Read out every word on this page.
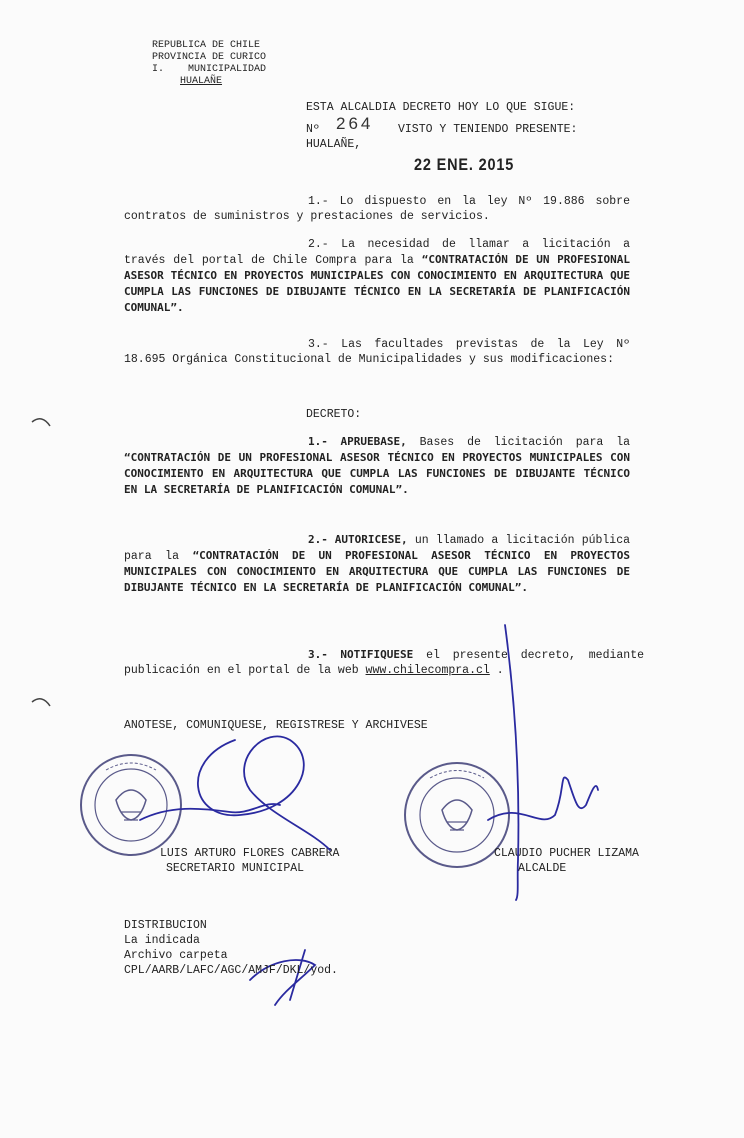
REPUBLICA DE CHILE
PROVINCIA DE CURICO
I.    MUNICIPALIDAD
HUALAÑE
ESTA ALCALDIA DECRETO HOY LO QUE SIGUE:
Nº 264 VISTO Y TENIENDO PRESENTE:
HUALAÑE,
22 ENE. 2015
1.- Lo dispuesto en la ley Nº 19.886 sobre contratos de suministros y prestaciones de servicios.
2.- La necesidad de llamar a licitación a través del portal de Chile Compra para la “CONTRATACIÓN DE UN PROFESIONAL ASESOR TÉCNICO EN PROYECTOS MUNICIPALES CON CONOCIMIENTO EN ARQUITECTURA QUE CUMPLA LAS FUNCIONES DE DIBUJANTE TÉCNICO EN LA SECRETARÍA DE PLANIFICACIÓN COMUNAL”.
3.- Las facultades previstas de la Ley Nº 18.695 Orgánica Constitucional de Municipalidades y sus modificaciones:
DECRETO:
1.- APRUEBASE, Bases de licitación para la “CONTRATACIÓN DE UN PROFESIONAL ASESOR TÉCNICO EN PROYECTOS MUNICIPALES CON CONOCIMIENTO EN ARQUITECTURA QUE CUMPLA LAS FUNCIONES DE DIBUJANTE TÉCNICO EN LA SECRETARÍA DE PLANIFICACIÓN COMUNAL”.
2.- AUTORICESE, un llamado a licitación pública para la “CONTRATACIÓN DE UN PROFESIONAL ASESOR TÉCNICO EN PROYECTOS MUNICIPALES CON CONOCIMIENTO EN ARQUITECTURA QUE CUMPLA LAS FUNCIONES DE DIBUJANTE TÉCNICO EN LA SECRETARÍA DE PLANIFICACIÓN COMUNAL”.
3.- NOTIFIQUESE el presente decreto, mediante publicación en el portal de la web www.chilecompra.cl .
ANOTESE, COMUNIQUESE, REGISTRESE Y ARCHIVESE
LUIS ARTURO FLORES CABRERA
SECRETARIO MUNICIPAL
CLAUDIO PUCHER LIZAMA
ALCALDE
DISTRIBUCION
La indicada
Archivo carpeta
CPL/AARB/LAFC/AGC/AMJF/DKL/yod.
